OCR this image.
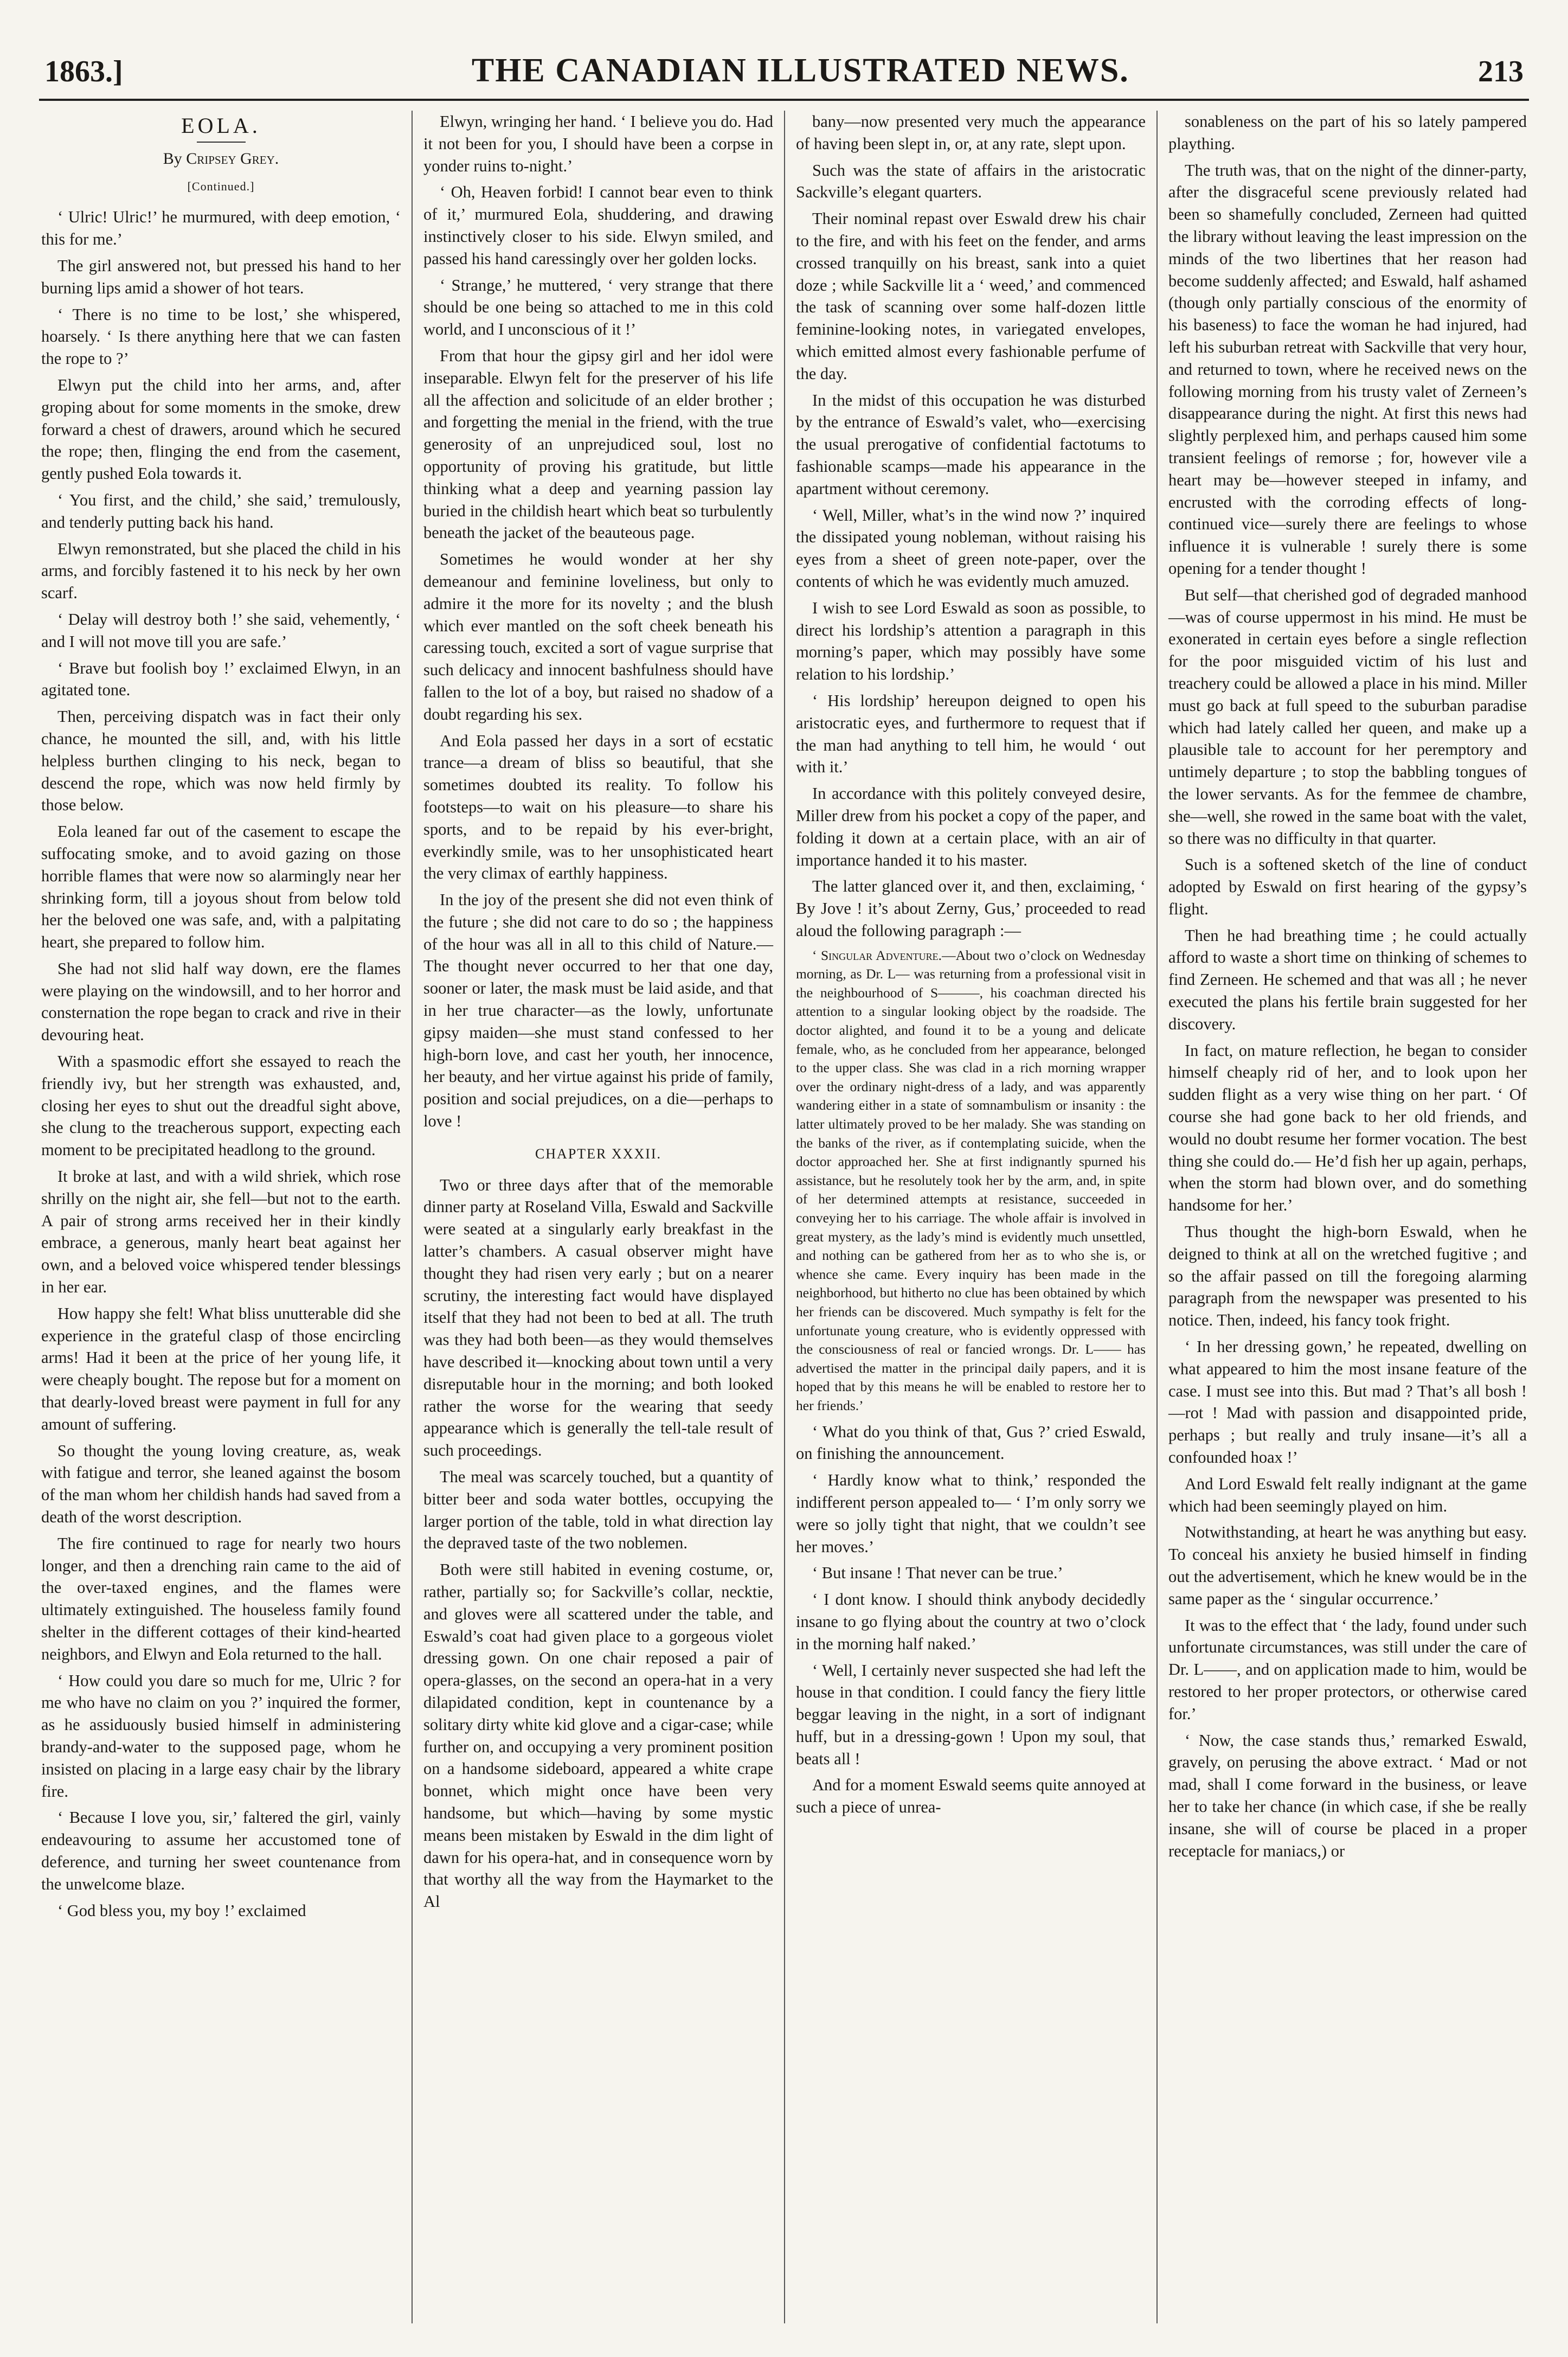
1863.]	THE CANADIAN ILLUSTRATED NEWS.	213
EOLA.
By Cripsey Grey.
[Continued.]

‘ Ulric! Ulric!’ he murmured, with deep emotion, ‘ this for me.’

The girl answered not, but pressed his hand to her burning lips amid a shower of hot tears.

‘ There is no time to be lost,’ she whispered, hoarsely. ‘ Is there anything here that we can fasten the rope to ?’

Elwyn put the child into her arms, and, after groping about for some moments in the smoke, drew forward a chest of drawers, around which he secured the rope; then, flinging the end from the casement, gently pushed Eola towards it.

‘ You first, and the child,’ she said,’ tremulously, and tenderly putting back his hand.

Elwyn remonstrated, but she placed the child in his arms, and forcibly fastened it to his neck by her own scarf.

‘ Delay will destroy both !’ she said, vehemently, ‘ and I will not move till you are safe.’

‘ Brave but foolish boy !’ exclaimed Elwyn, in an agitated tone.

Then, perceiving dispatch was in fact their only chance, he mounted the sill, and, with his little helpless burthen clinging to his neck, began to descend the rope, which was now held firmly by those below.

Eola leaned far out of the casement to escape the suffocating smoke, and to avoid gazing on those horrible flames that were now so alarmingly near her shrinking form, till a joyous shout from below told her the beloved one was safe, and, with a palpitating heart, she prepared to follow him.

She had not slid half way down, ere the flames were playing on the windowsill, and to her horror and consternation the rope began to crack and rive in their devouring heat.

With a spasmodic effort she essayed to reach the friendly ivy, but her strength was exhausted, and, closing her eyes to shut out the dreadful sight above, she clung to the treacherous support, expecting each moment to be precipitated headlong to the ground.

It broke at last, and with a wild shriek, which rose shrilly on the night air, she fell—but not to the earth. A pair of strong arms received her in their kindly embrace, a generous, manly heart beat against her own, and a beloved voice whispered tender blessings in her ear.

How happy she felt! What bliss unutterable did she experience in the grateful clasp of those encircling arms! Had it been at the price of her young life, it were cheaply bought. The repose but for a moment on that dearly-loved breast were payment in full for any amount of suffering.

So thought the young loving creature, as, weak with fatigue and terror, she leaned against the bosom of the man whom her childish hands had saved from a death of the worst description.

The fire continued to rage for nearly two hours longer, and then a drenching rain came to the aid of the over-taxed engines, and the flames were ultimately extinguished. The houseless family found shelter in the different cottages of their kind-hearted neighbors, and Elwyn and Eola returned to the hall.

‘ How could you dare so much for me, Ulric ? for me who have no claim on you ?’ inquired the former, as he assiduously busied himself in administering brandy-and-water to the supposed page, whom he insisted on placing in a large easy chair by the library fire.

‘ Because I love you, sir,’ faltered the girl, vainly endeavouring to assume her accustomed tone of deference, and turning her sweet countenance from the unwelcome blaze.

‘ God bless you, my boy !’ exclaimed

Elwyn, wringing her hand. ‘ I believe you do. Had it not been for you, I should have been a corpse in yonder ruins to-night.’

‘ Oh, Heaven forbid! I cannot bear even to think of it,’ murmured Eola, shuddering, and drawing instinctively closer to his side. Elwyn smiled, and passed his hand caressingly over her golden locks.

‘ Strange,’ he muttered, ‘ very strange that there should be one being so attached to me in this cold world, and I unconscious of it !’

From that hour the gipsy girl and her idol were inseparable. Elwyn felt for the preserver of his life all the affection and solicitude of an elder brother ; and forgetting the menial in the friend, with the true generosity of an unprejudiced soul, lost no opportunity of proving his gratitude, but little thinking what a deep and yearning passion lay buried in the childish heart which beat so turbulently beneath the jacket of the beauteous page.

Sometimes he would wonder at her shy demeanour and feminine loveliness, but only to admire it the more for its novelty ; and the blush which ever mantled on the soft cheek beneath his caressing touch, excited a sort of vague surprise that such delicacy and innocent bashfulness should have fallen to the lot of a boy, but raised no shadow of a doubt regarding his sex.

And Eola passed her days in a sort of ecstatic trance—a dream of bliss so beautiful, that she sometimes doubted its reality. To follow his footsteps—to wait on his pleasure—to share his sports, and to be repaid by his ever-bright, everkindly smile, was to her unsophisticated heart the very climax of earthly happiness.

In the joy of the present she did not even think of the future ; she did not care to do so ; the happiness of the hour was all in all to this child of Nature.— The thought never occurred to her that one day, sooner or later, the mask must be laid aside, and that in her true character—as the lowly, unfortunate gipsy maiden—she must stand confessed to her high-born love, and cast her youth, her innocence, her beauty, and her virtue against his pride of family, position and social prejudices, on a die—perhaps to love !

CHAPTER XXXII.

Two or three days after that of the memorable dinner party at Roseland Villa, Eswald and Sackville were seated at a singularly early breakfast in the latter’s chambers. A casual observer might have thought they had risen very early ; but on a nearer scrutiny, the interesting fact would have displayed itself that they had not been to bed at all. The truth was they had both been—as they would themselves have described it—knocking about town until a very disreputable hour in the morning; and both looked rather the worse for the wearing that seedy appearance which is generally the tell-tale result of such proceedings.

The meal was scarcely touched, but a quantity of bitter beer and soda water bottles, occupying the larger portion of the table, told in what direction lay the depraved taste of the two noblemen.

Both were still habited in evening costume, or, rather, partially so; for Sackville’s collar, necktie, and gloves were all scattered under the table, and Eswald’s coat had given place to a gorgeous violet dressing gown. On one chair reposed a pair of opera-glasses, on the second an opera-hat in a very dilapidated condition, kept in countenance by a solitary dirty white kid glove and a cigar-case; while further on, and occupying a very prominent position on a handsome sideboard, appeared a white crape bonnet, which might once have been very handsome, but which—having by some mystic means been mistaken by Eswald in the dim light of dawn for his opera-hat, and in consequence worn by that worthy all the way from the Haymarket to the Al

bany—now presented very much the appearance of having been slept in, or, at any rate, slept upon.

Such was the state of affairs in the aristocratic Sackville’s elegant quarters.

Their nominal repast over Eswald drew his chair to the fire, and with his feet on the fender, and arms crossed tranquilly on his breast, sank into a quiet doze ; while Sackville lit a ‘ weed,’ and commenced the task of scanning over some half-dozen little feminine-looking notes, in variegated envelopes, which emitted almost every fashionable perfume of the day.

In the midst of this occupation he was disturbed by the entrance of Eswald’s valet, who—exercising the usual prerogative of confidential factotums to fashionable scamps—made his appearance in the apartment without ceremony.

‘ Well, Miller, what’s in the wind now ?’ inquired the dissipated young nobleman, without raising his eyes from a sheet of green note-paper, over the contents of which he was evidently much amuzed.

I wish to see Lord Eswald as soon as possible, to direct his lordship’s attention a paragraph in this morning’s paper, which may possibly have some relation to his lordship.’

‘ His lordship’ hereupon deigned to open his aristocratic eyes, and furthermore to request that if the man had anything to tell him, he would ‘ out with it.’

In accordance with this politely conveyed desire, Miller drew from his pocket a copy of the paper, and folding it down at a certain place, with an air of importance handed it to his master.

The latter glanced over it, and then, exclaiming, ‘ By Jove ! it’s about Zerny, Gus,’ proceeded to read aloud the following paragraph :—

‘ Singular Adventure.—About two o’clock on Wednesday morning, as Dr. L— was returning from a professional visit in the neighbourhood of S———, his coachman directed his attention to a singular looking object by the roadside. The doctor alighted, and found it to be a young and delicate female, who, as he concluded from her appearance, belonged to the upper class. She was clad in a rich morning wrapper over the ordinary night-dress of a lady, and was apparently wandering either in a state of somnambulism or insanity : the latter ultimately proved to be her malady. She was standing on the banks of the river, as if contemplating suicide, when the doctor approached her. She at first indignantly spurned his assistance, but he resolutely took her by the arm, and, in spite of her determined attempts at resistance, succeeded in conveying her to his carriage. The whole affair is involved in great mystery, as the lady’s mind is evidently much unsettled, and nothing can be gathered from her as to who she is, or whence she came. Every inquiry has been made in the neighborhood, but hitherto no clue has been obtained by which her friends can be discovered. Much sympathy is felt for the unfortunate young creature, who is evidently oppressed with the consciousness of real or fancied wrongs. Dr. L—— has advertised the matter in the principal daily papers, and it is hoped that by this means he will be enabled to restore her to her friends.’

‘ What do you think of that, Gus ?’ cried Eswald, on finishing the announcement.

‘ Hardly know what to think,’ responded the indifferent person appealed to— ‘ I’m only sorry we were so jolly tight that night, that we couldn’t see her moves.’

‘ But insane ! That never can be true.’

‘ I dont know. I should think anybody decidedly insane to go flying about the country at two o’clock in the morning half naked.’

‘ Well, I certainly never suspected she had left the house in that condition. I could fancy the fiery little beggar leaving in the night, in a sort of indignant huff, but in a dressing-gown ! Upon my soul, that beats all !

And for a moment Eswald seems quite annoyed at such a piece of unrea-

sonableness on the part of his so lately pampered plaything.

The truth was, that on the night of the dinner-party, after the disgraceful scene previously related had been so shamefully concluded, Zerneen had quitted the library without leaving the least impression on the minds of the two libertines that her reason had become suddenly affected; and Eswald, half ashamed (though only partially conscious of the enormity of his baseness) to face the woman he had injured, had left his suburban retreat with Sackville that very hour, and returned to town, where he received news on the following morning from his trusty valet of Zerneen’s disappearance during the night. At first this news had slightly perplexed him, and perhaps caused him some transient feelings of remorse ; for, however vile a heart may be—however steeped in infamy, and encrusted with the corroding effects of long-continued vice—surely there are feelings to whose influence it is vulnerable ! surely there is some opening for a tender thought !

But self—that cherished god of degraded manhood—was of course uppermost in his mind. He must be exonerated in certain eyes before a single reflection for the poor misguided victim of his lust and treachery could be allowed a place in his mind. Miller must go back at full speed to the suburban paradise which had lately called her queen, and make up a plausible tale to account for her peremptory and untimely departure ; to stop the babbling tongues of the lower servants. As for the femmee de chambre, she—well, she rowed in the same boat with the valet, so there was no difficulty in that quarter.

Such is a softened sketch of the line of conduct adopted by Eswald on first hearing of the gypsy’s flight.

Then he had breathing time ; he could actually afford to waste a short time on thinking of schemes to find Zerneen. He schemed and that was all ; he never executed the plans his fertile brain suggested for her discovery.

In fact, on mature reflection, he began to consider himself cheaply rid of her, and to look upon her sudden flight as a very wise thing on her part. ‘ Of course she had gone back to her old friends, and would no doubt resume her former vocation. The best thing she could do.— He’d fish her up again, perhaps, when the storm had blown over, and do something handsome for her.’

Thus thought the high-born Eswald, when he deigned to think at all on the wretched fugitive ; and so the affair passed on till the foregoing alarming paragraph from the newspaper was presented to his notice. Then, indeed, his fancy took fright.

‘ In her dressing gown,’ he repeated, dwelling on what appeared to him the most insane feature of the case. I must see into this. But mad ? That’s all bosh !—rot ! Mad with passion and disappointed pride, perhaps ; but really and truly insane—it’s all a confounded hoax !’

And Lord Eswald felt really indignant at the game which had been seemingly played on him.

Notwithstanding, at heart he was anything but easy. To conceal his anxiety he busied himself in finding out the advertisement, which he knew would be in the same paper as the ‘ singular occurrence.’

It was to the effect that ‘ the lady, found under such unfortunate circumstances, was still under the care of Dr. L——, and on application made to him, would be restored to her proper protectors, or otherwise cared for.’

‘ Now, the case stands thus,’ remarked Eswald, gravely, on perusing the above extract. ‘ Mad or not mad, shall I come forward in the business, or leave her to take her chance (in which case, if she be really insane, she will of course be placed in a proper receptacle for maniacs,) or
